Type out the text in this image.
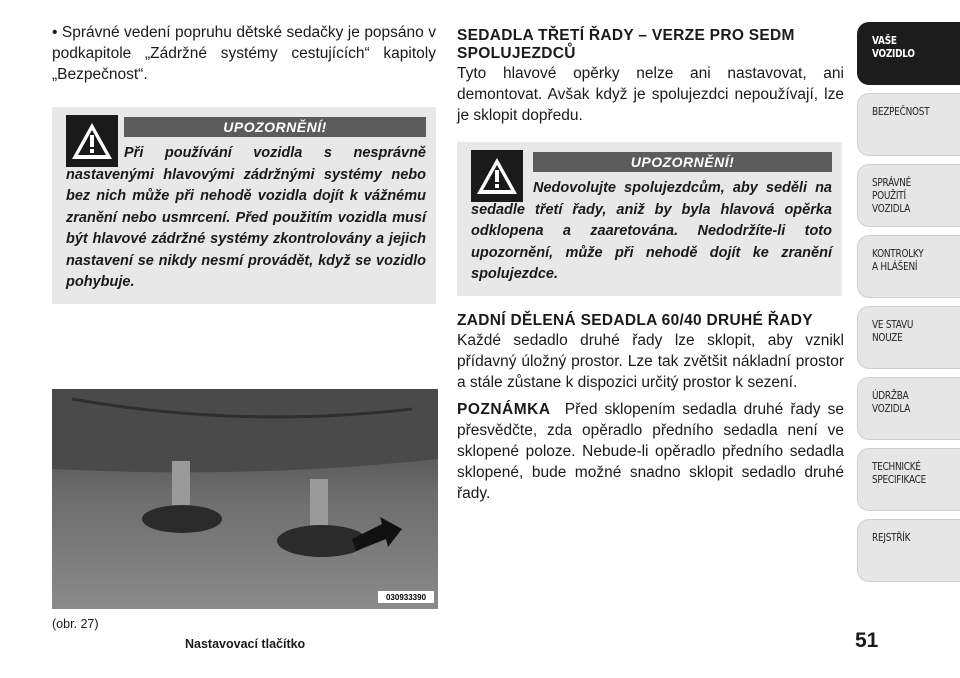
• Správné vedení popruhu dětské sedačky je popsáno v podkapitole „Zádržné systémy cestujících“ kapitoly „Bezpečnost“.

UPOZORNĚNÍ!
Při používání vozidla s nesprávně nastavenými hlavovými zádržnými systémy nebo bez nich může při nehodě vozidla dojít k vážnému zranění nebo usmrcení. Před použitím vozidla musí být hlavové zádržné systémy zkontrolovány a jejich nastavení se nikdy nesmí provádět, když se vozidlo pohybuje.
030933390
(obr. 27)
Nastavovací tlačítko
SEDADLA TŘETÍ ŘADY – VERZE PRO SEDM SPOLUJEZDCŮ

Tyto hlavové opěrky nelze ani nastavovat, ani demontovat. Avšak když je spolujezdci nepoužívají, lze je sklopit dopředu.

UPOZORNĚNÍ!
Nedovolujte spolujezdcům, aby seděli na sedadle třetí řady, aniž by byla hlavová opěrka odklopena a zaaretována. Nedodržíte-li toto upozornění, může při nehodě dojít ke zranění spolujezdce.
ZADNÍ DĚLENÁ SEDADLA 60/40 DRUHÉ ŘADY

Každé sedadlo druhé řady lze sklopit, aby vznikl přídavný úložný prostor. Lze tak zvětšit nákladní prostor a stále zůstane k dispozici určitý prostor k sezení.

POZNÁMKA Před sklopením sedadla druhé řady se přesvědčte, zda opěradlo předního sedadla není ve sklopené poloze. Nebude-li opěradlo předního sedadla sklopené, bude možné snadno sklopit sedadlo druhé řady.

VAŠE
VOZIDLO
BEZPEČNOST
SPRÁVNÉ
POUŽITÍ
VOZIDLA
KONTROLKY
A HLÁŠENÍ
VE STAVU
NOUZE
ÚDRŽBA
VOZIDLA
TECHNICKÉ
SPECIFIKACE
REJSTŘÍK
51
